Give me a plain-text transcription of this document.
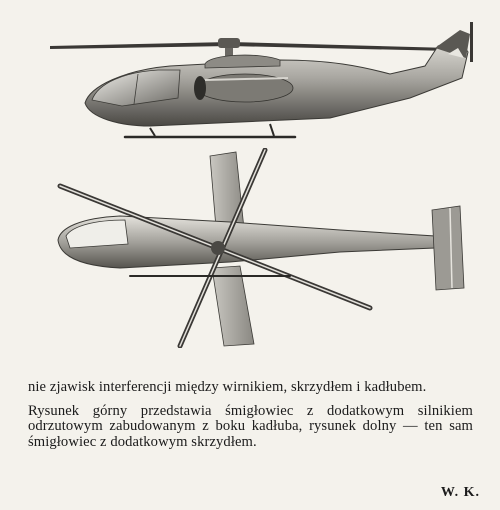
nie zjawisk interferencji między wirnikiem, skrzydłem i kadłubem.

Rysunek górny przedstawia śmigłowiec z dodatkowym silnikiem odrzutowym zabudowanym z boku kadłuba, rysunek dolny — ten sam śmigłowiec z dodatkowym skrzydłem.

W. K.
